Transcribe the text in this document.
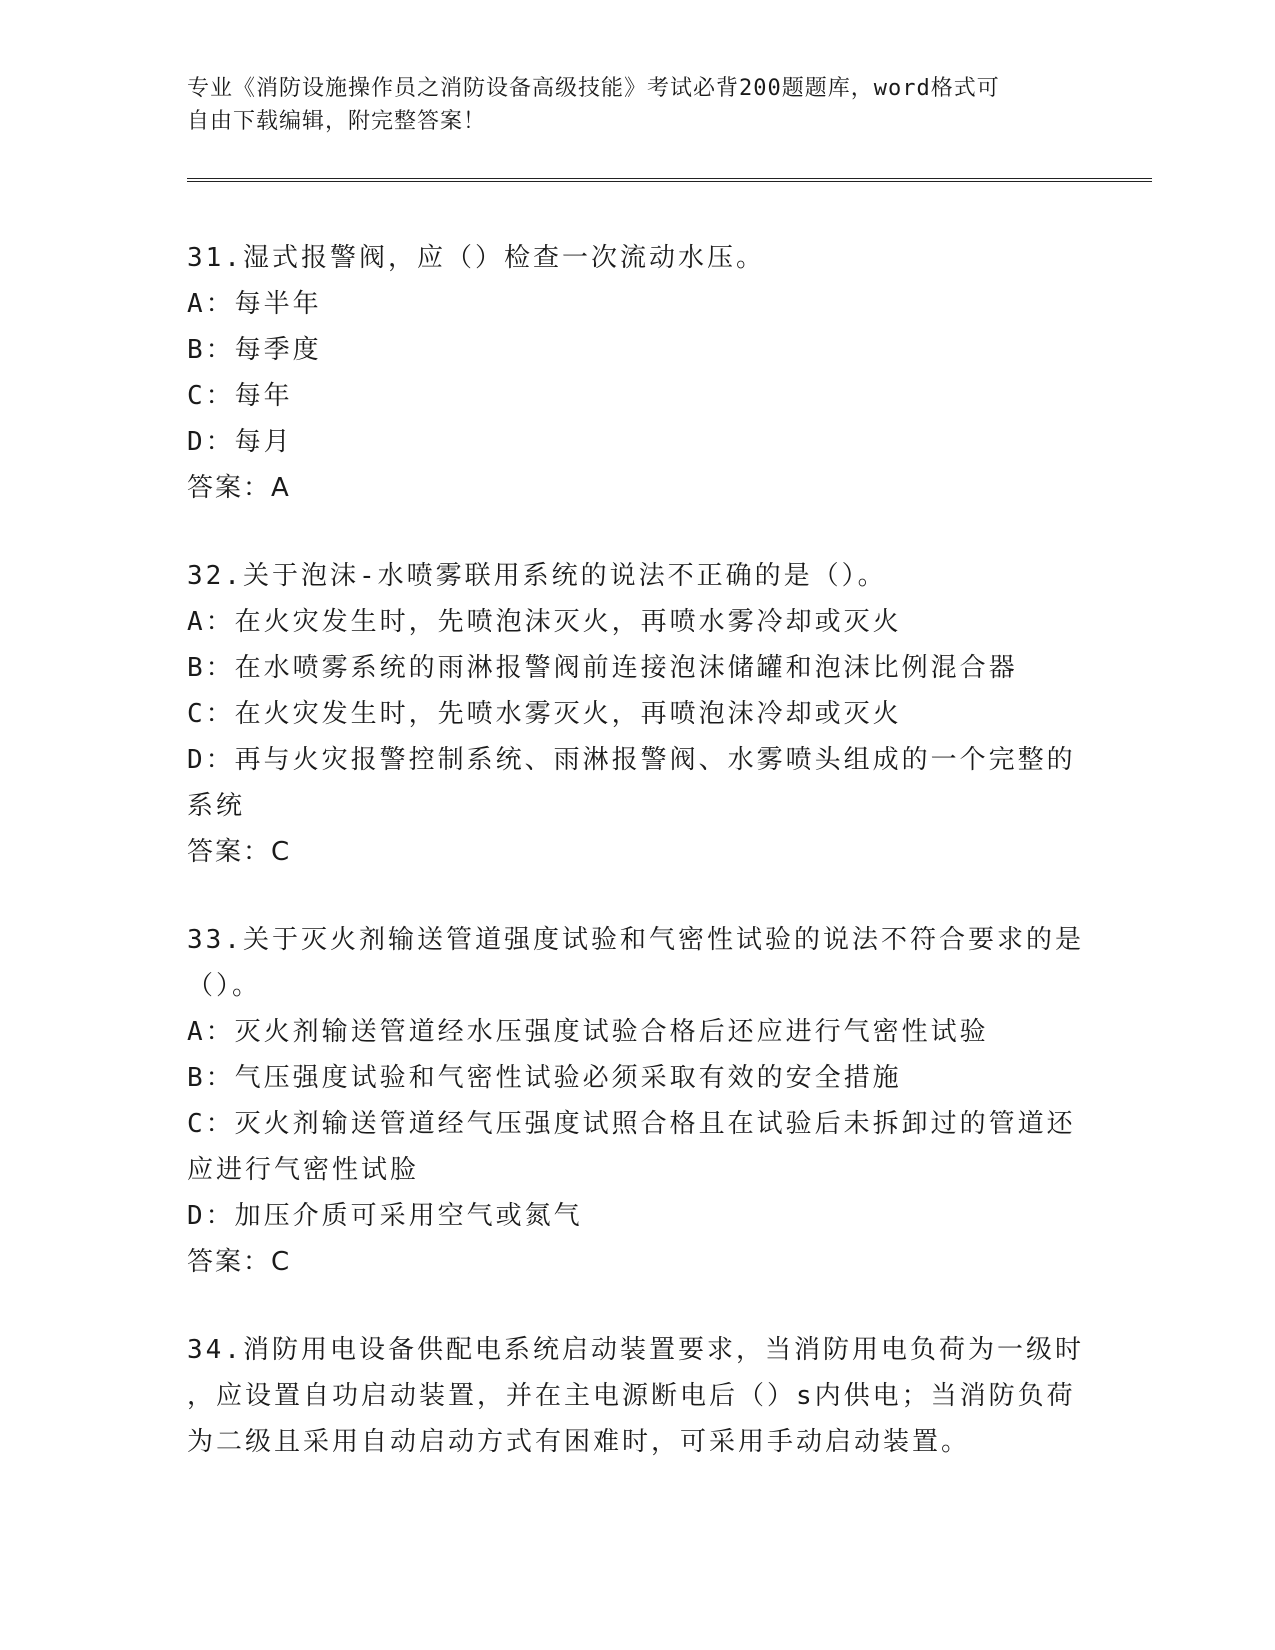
专业《消防设施操作员之消防设备高级技能》考试必背200题题库，word格式可
自由下载编辑，附完整答案！
31.湿式报警阀，应（）检查一次流动水压。
A：每半年
B：每季度
C：每年
D：每月
答案：A
32.关于泡沫-水喷雾联用系统的说法不正确的是（）。
A：在火灾发生时，先喷泡沫灭火，再喷水雾冷却或灭火
B：在水喷雾系统的雨淋报警阀前连接泡沫储罐和泡沫比例混合器
C：在火灾发生时，先喷水雾灭火，再喷泡沫冷却或灭火
D：再与火灾报警控制系统、雨淋报警阀、水雾喷头组成的一个完整的
系统
答案：C
33.关于灭火剂输送管道强度试验和气密性试验的说法不符合要求的是
（）。
A：灭火剂输送管道经水压强度试验合格后还应进行气密性试验
B：气压强度试验和气密性试验必须采取有效的安全措施
C：灭火剂输送管道经气压强度试照合格且在试验后未拆卸过的管道还
应进行气密性试脸
D：加压介质可采用空气或氮气
答案：C
34.消防用电设备供配电系统启动装置要求，当消防用电负荷为一级时
，应设置自功启动装置，并在主电源断电后（）s内供电；当消防负荷
为二级且采用自动启动方式有困难时，可采用手动启动装置。
